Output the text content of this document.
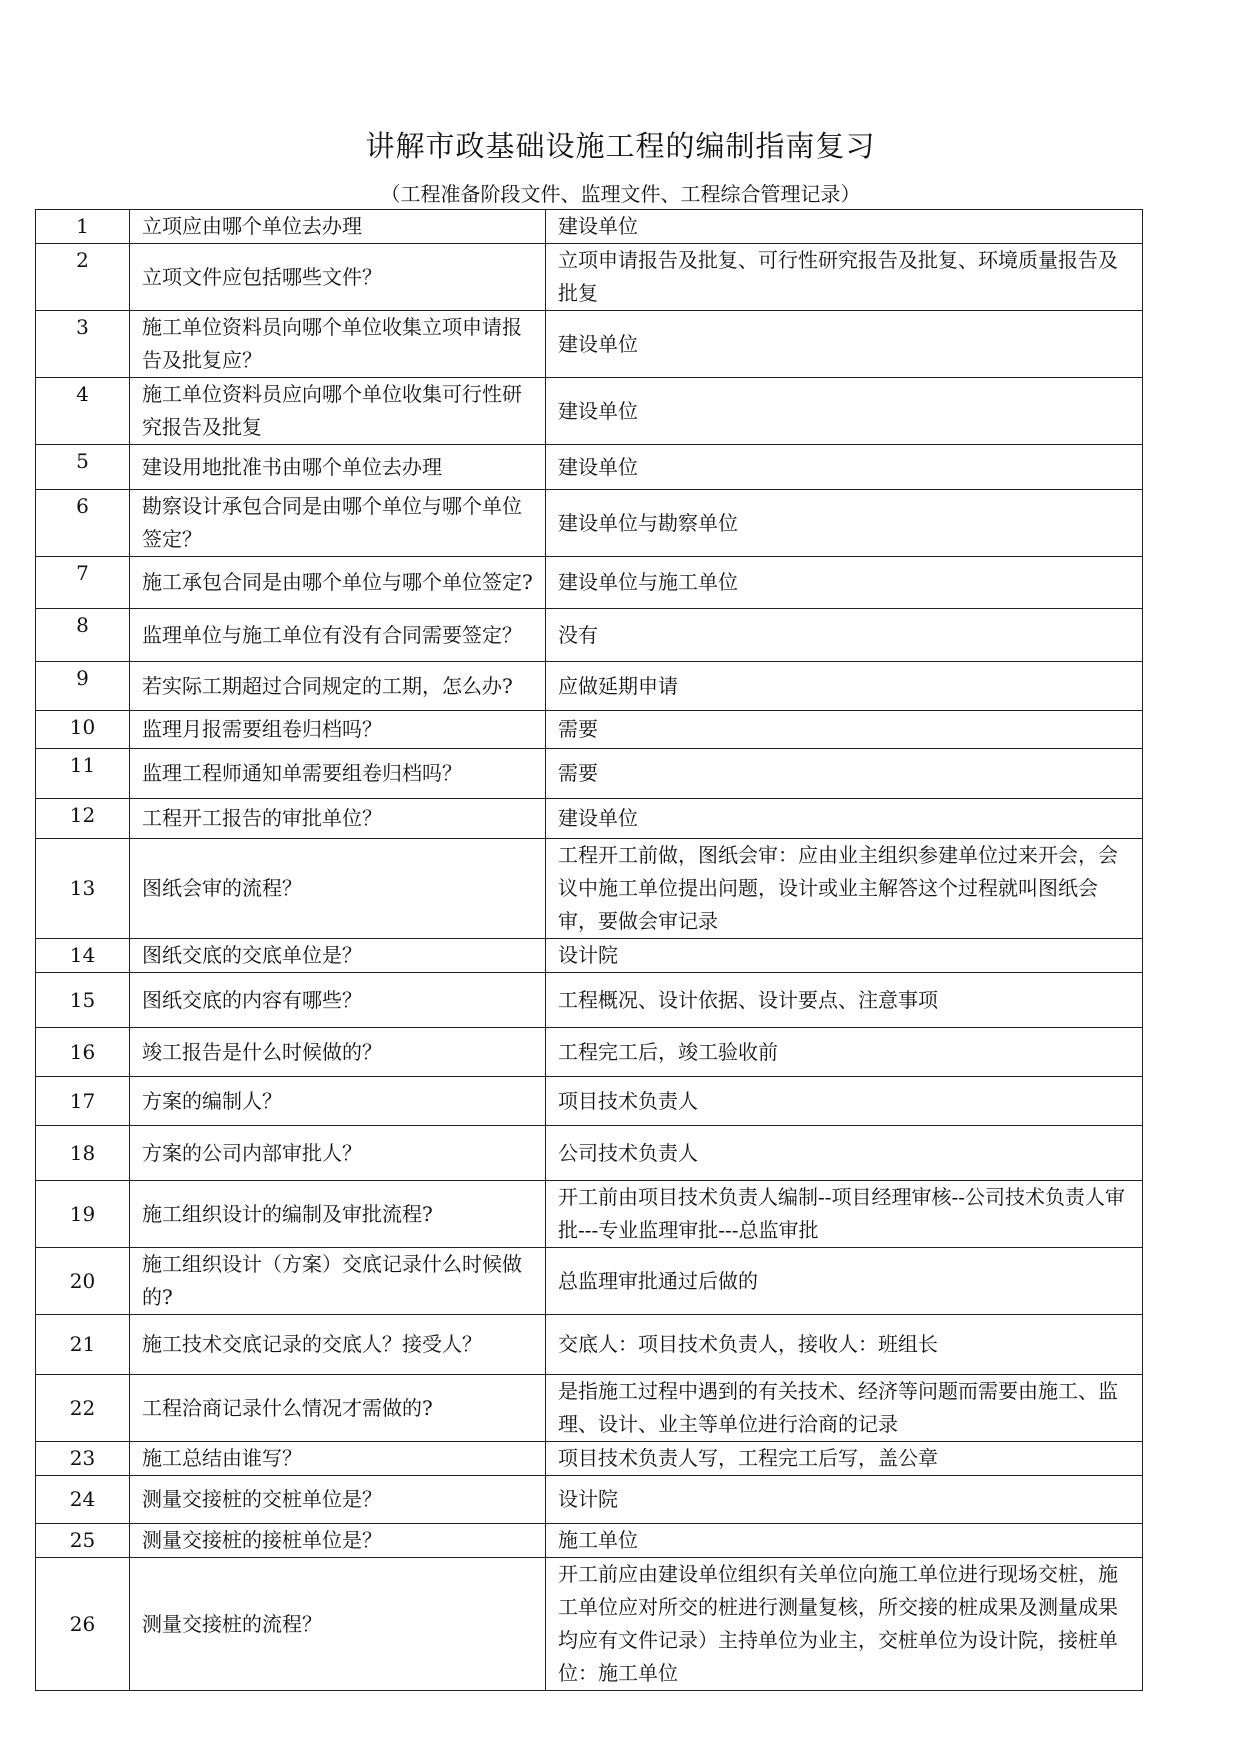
讲解市政基础设施工程的编制指南复习
（工程准备阶段文件、监理文件、工程综合管理记录）
1	立项应由哪个单位去办理	建设单位
2	立项文件应包括哪些文件？	立项申请报告及批复、可行性研究报告及批复、环境质量报告及批复
3	施工单位资料员向哪个单位收集立项申请报告及批复应？	建设单位
4	施工单位资料员应向哪个单位收集可行性研究报告及批复	建设单位
5	建设用地批准书由哪个单位去办理	建设单位
6	勘察设计承包合同是由哪个单位与哪个单位签定？	建设单位与勘察单位
7	施工承包合同是由哪个单位与哪个单位签定?	建设单位与施工单位
8	监理单位与施工单位有没有合同需要签定？	没有
9	若实际工期超过合同规定的工期，怎么办?	应做延期申请
10	监理月报需要组卷归档吗？	需要
11	监理工程师通知单需要组卷归档吗？	需要
12	工程开工报告的审批单位？	建设单位
13	图纸会审的流程？	工程开工前做，图纸会审：应由业主组织参建单位过来开会，会议中施工单位提出问题，设计或业主解答这个过程就叫图纸会审，要做会审记录
14	图纸交底的交底单位是？	设计院
15	图纸交底的内容有哪些？	工程概况、设计依据、设计要点、注意事项
16	竣工报告是什么时候做的？	工程完工后，竣工验收前
17	方案的编制人？	项目技术负责人
18	方案的公司内部审批人？	公司技术负责人
19	施工组织设计的编制及审批流程?	开工前由项目技术负责人编制--项目经理审核--公司技术负责人审批---专业监理审批---总监审批
20	施工组织设计（方案）交底记录什么时候做的?	总监理审批通过后做的
21	施工技术交底记录的交底人？接受人？	交底人：项目技术负责人，接收人：班组长
22	工程洽商记录什么情况才需做的?	是指施工过程中遇到的有关技术、经济等问题而需要由施工、监理、设计、业主等单位进行洽商的记录
23	施工总结由谁写？	项目技术负责人写，工程完工后写，盖公章
24	测量交接桩的交桩单位是？	设计院
25	测量交接桩的接桩单位是？	施工单位
26	测量交接桩的流程？	开工前应由建设单位组织有关单位向施工单位进行现场交桩，施工单位应对所交的桩进行测量复核，所交接的桩成果及测量成果均应有文件记录）主持单位为业主，交桩单位为设计院，接桩单位：施工单位
